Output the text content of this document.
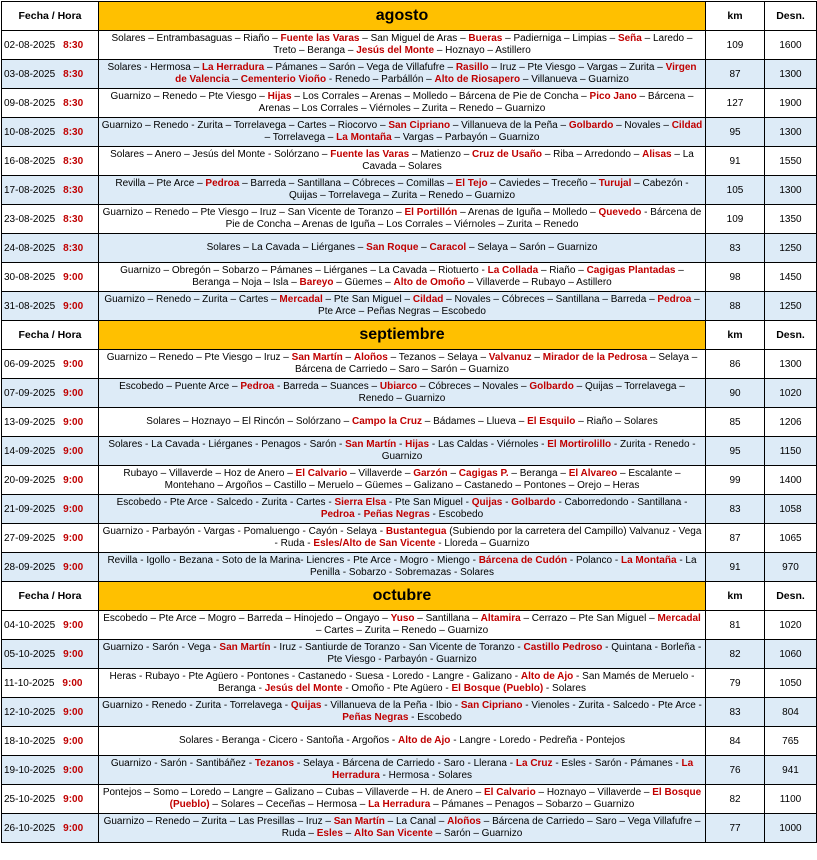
Fecha / Hora	agosto	km	Desn.
02-08-2025 8:30	Solares – Entrambasaguas – Riaño – Fuente las Varas – San Miguel de Aras – Bueras – Padierniga – Limpias – Seña – Laredo – Treto – Beranga – Jesús del Monte – Hoznayo – Astillero	109	1600
03-08-2025 8:30	Solares - Hermosa – La Herradura – Pámanes – Sarón – Vega de Villafufre – Rasillo – Iruz – Pte Viesgo – Vargas – Zurita – Virgen de Valencia – Cementerio Vioño - Renedo – Parbállón – Alto de Riosapero – Villanueva – Guarnizo	87	1300
09-08-2025 8:30	Guarnizo – Renedo – Pte Viesgo – Hijas – Los Corrales – Arenas – Molledo – Bárcena de Pie de Concha – Pico Jano – Bárcena – Arenas – Los Corrales – Viérnoles – Zurita – Renedo – Guarnizo	127	1900
10-08-2025 8:30	Guarnizo – Renedo - Zurita – Torrelavega – Cartes – Riocorvo – San Cipriano – Villanueva de la Peña – Golbardo – Novales – Cildad – Torrelavega – La Montaña – Vargas – Parbayón – Guarnizo	95	1300
16-08-2025 8:30	Solares – Anero – Jesús del Monte - Solórzano – Fuente las Varas – Matienzo – Cruz de Usaño – Riba – Arredondo – Alisas – La Cavada – Solares	91	1550
17-08-2025 8:30	Revilla – Pte Arce – Pedroa – Barreda – Santillana – Cóbreces – Comillas – El Tejo – Caviedes – Treceño – Turujal – Cabezón - Quijas – Torrelavega – Zurita – Renedo – Guarnizo	105	1300
23-08-2025 8:30	Guarnizo – Renedo – Pte Viesgo – Iruz – San Vicente de Toranzo – El Portillón – Arenas de Iguña – Molledo – Quevedo - Bárcena de Pie de Concha – Arenas de Iguña – Los Corrales – Viérnoles – Zurita – Renedo	109	1350
24-08-2025 8:30	Solares – La Cavada – Liérganes – San Roque – Caracol – Selaya – Sarón – Guarnizo	83	1250
30-08-2025 9:00	Guarnizo – Obregón – Sobarzo – Pámanes – Liérganes – La Cavada – Riotuerto - La Collada – Riaño – Cagigas Plantadas – Beranga – Noja – Isla – Bareyo – Güemes – Alto de Omoño – Villaverde – Rubayo – Astillero	98	1450
31-08-2025 9:00	Guarnizo – Renedo – Zurita – Cartes – Mercadal – Pte San Miguel – Cildad – Novales – Cóbreces – Santillana – Barreda – Pedroa – Pte Arce – Peñas Negras – Escobedo	88	1250
Fecha / Hora	septiembre	km	Desn.
06-09-2025 9:00	Guarnizo – Renedo – Pte Viesgo – Iruz – San Martín – Aloños – Tezanos – Selaya – Valvanuz – Mirador de la Pedrosa – Selaya – Bárcena de Carriedo – Saro – Sarón – Guarnizo	86	1300
07-09-2025 9:00	Escobedo – Puente Arce – Pedroa - Barreda – Suances – Ubiarco – Cóbreces – Novales – Golbardo – Quijas – Torrelavega – Renedo – Guarnizo	90	1020
13-09-2025 9:00	Solares – Hoznayo – El Rincón – Solórzano – Campo la Cruz – Bádames – Llueva – El Esquilo – Riaño – Solares	85	1206
14-09-2025 9:00	Solares - La Cavada - Liérganes - Penagos - Sarón - San Martín - Hijas - Las Caldas - Viérnoles - El Mortirolillo - Zurita - Renedo - Guarnizo	95	1150
20-09-2025 9:00	Rubayo – Villaverde – Hoz de Anero – El Calvario – Villaverde – Garzón – Cagigas P. – Beranga – El Alvareo – Escalante – Montehano – Argoños – Castillo – Meruelo – Güemes – Galizano – Castanedo – Pontones – Orejo – Heras	99	1400
21-09-2025 9:00	Escobedo - Pte Arce - Salcedo - Zurita - Cartes - Sierra Elsa - Pte San Miguel - Quijas - Golbardo - Caborredondo - Santillana - Pedroa - Peñas Negras - Escobedo	83	1058
27-09-2025 9:00	Guarnizo - Parbayón - Vargas - Pomaluengo - Cayón - Selaya - Bustantegua (Subiendo por la carretera del Campillo) Valvanuz - Vega - Ruda - Esles/Alto de San Vicente - Lloreda – Guarnizo	87	1065
28-09-2025 9:00	Revilla - Igollo - Bezana - Soto de la Marina- Liencres - Pte Arce - Mogro - Miengo - Bárcena de Cudón - Polanco - La Montaña - La Penilla - Sobarzo - Sobremazas - Solares	91	970
Fecha / Hora	octubre	km	Desn.
04-10-2025 9:00	Escobedo – Pte Arce – Mogro – Barreda – Hinojedo – Ongayo – Yuso – Santillana – Altamira – Cerrazo – Pte San Miguel – Mercadal – Cartes – Zurita – Renedo – Guarnizo	81	1020
05-10-2025 9:00	Guarnizo - Sarón - Vega - San Martín - Iruz - Santiurde de Toranzo - San Vicente de Toranzo - Castillo Pedroso - Quintana - Borleña - Pte Viesgo - Parbayón - Guarnizo	82	1060
11-10-2025 9:00	Heras - Rubayo - Pte Agüero - Pontones - Castanedo - Suesa - Loredo - Langre - Galizano - Alto de Ajo - San Mamés de Meruelo - Beranga - Jesús del Monte - Omoño - Pte Agüero - El Bosque (Pueblo) - Solares	79	1050
12-10-2025 9:00	Guarnizo - Renedo - Zurita - Torrelavega - Quijas - Villanueva de la Peña - Ibio - San Cipriano - Vienoles - Zurita - Salcedo - Pte Arce - Peñas Negras - Escobedo	83	804
18-10-2025 9:00	Solares - Beranga - Cicero - Santoña - Argoños - Alto de Ajo - Langre - Loredo - Pedreña - Pontejos	84	765
19-10-2025 9:00	Guarnizo - Sarón - Santibáñez - Tezanos - Selaya - Bárcena de Carriedo - Saro - Llerana - La Cruz - Esles - Sarón - Pámanes - La Herradura - Hermosa - Solares	76	941
25-10-2025 9:00	Pontejos – Somo – Loredo – Langre – Galizano – Cubas – Villaverde – H. de Anero – El Calvario – Hoznayo – Villaverde – El Bosque (Pueblo) – Solares – Ceceñas – Hermosa – La Herradura – Pámanes – Penagos – Sobarzo – Guarnizo	82	1100
26-10-2025 9:00	Guarnizo – Renedo – Zurita – Las Presillas – Iruz – San Martín – La Canal – Aloños – Bárcena de Carriedo – Saro – Vega Villafufre – Ruda – Esles – Alto San Vicente – Sarón – Guarnizo	77	1000
